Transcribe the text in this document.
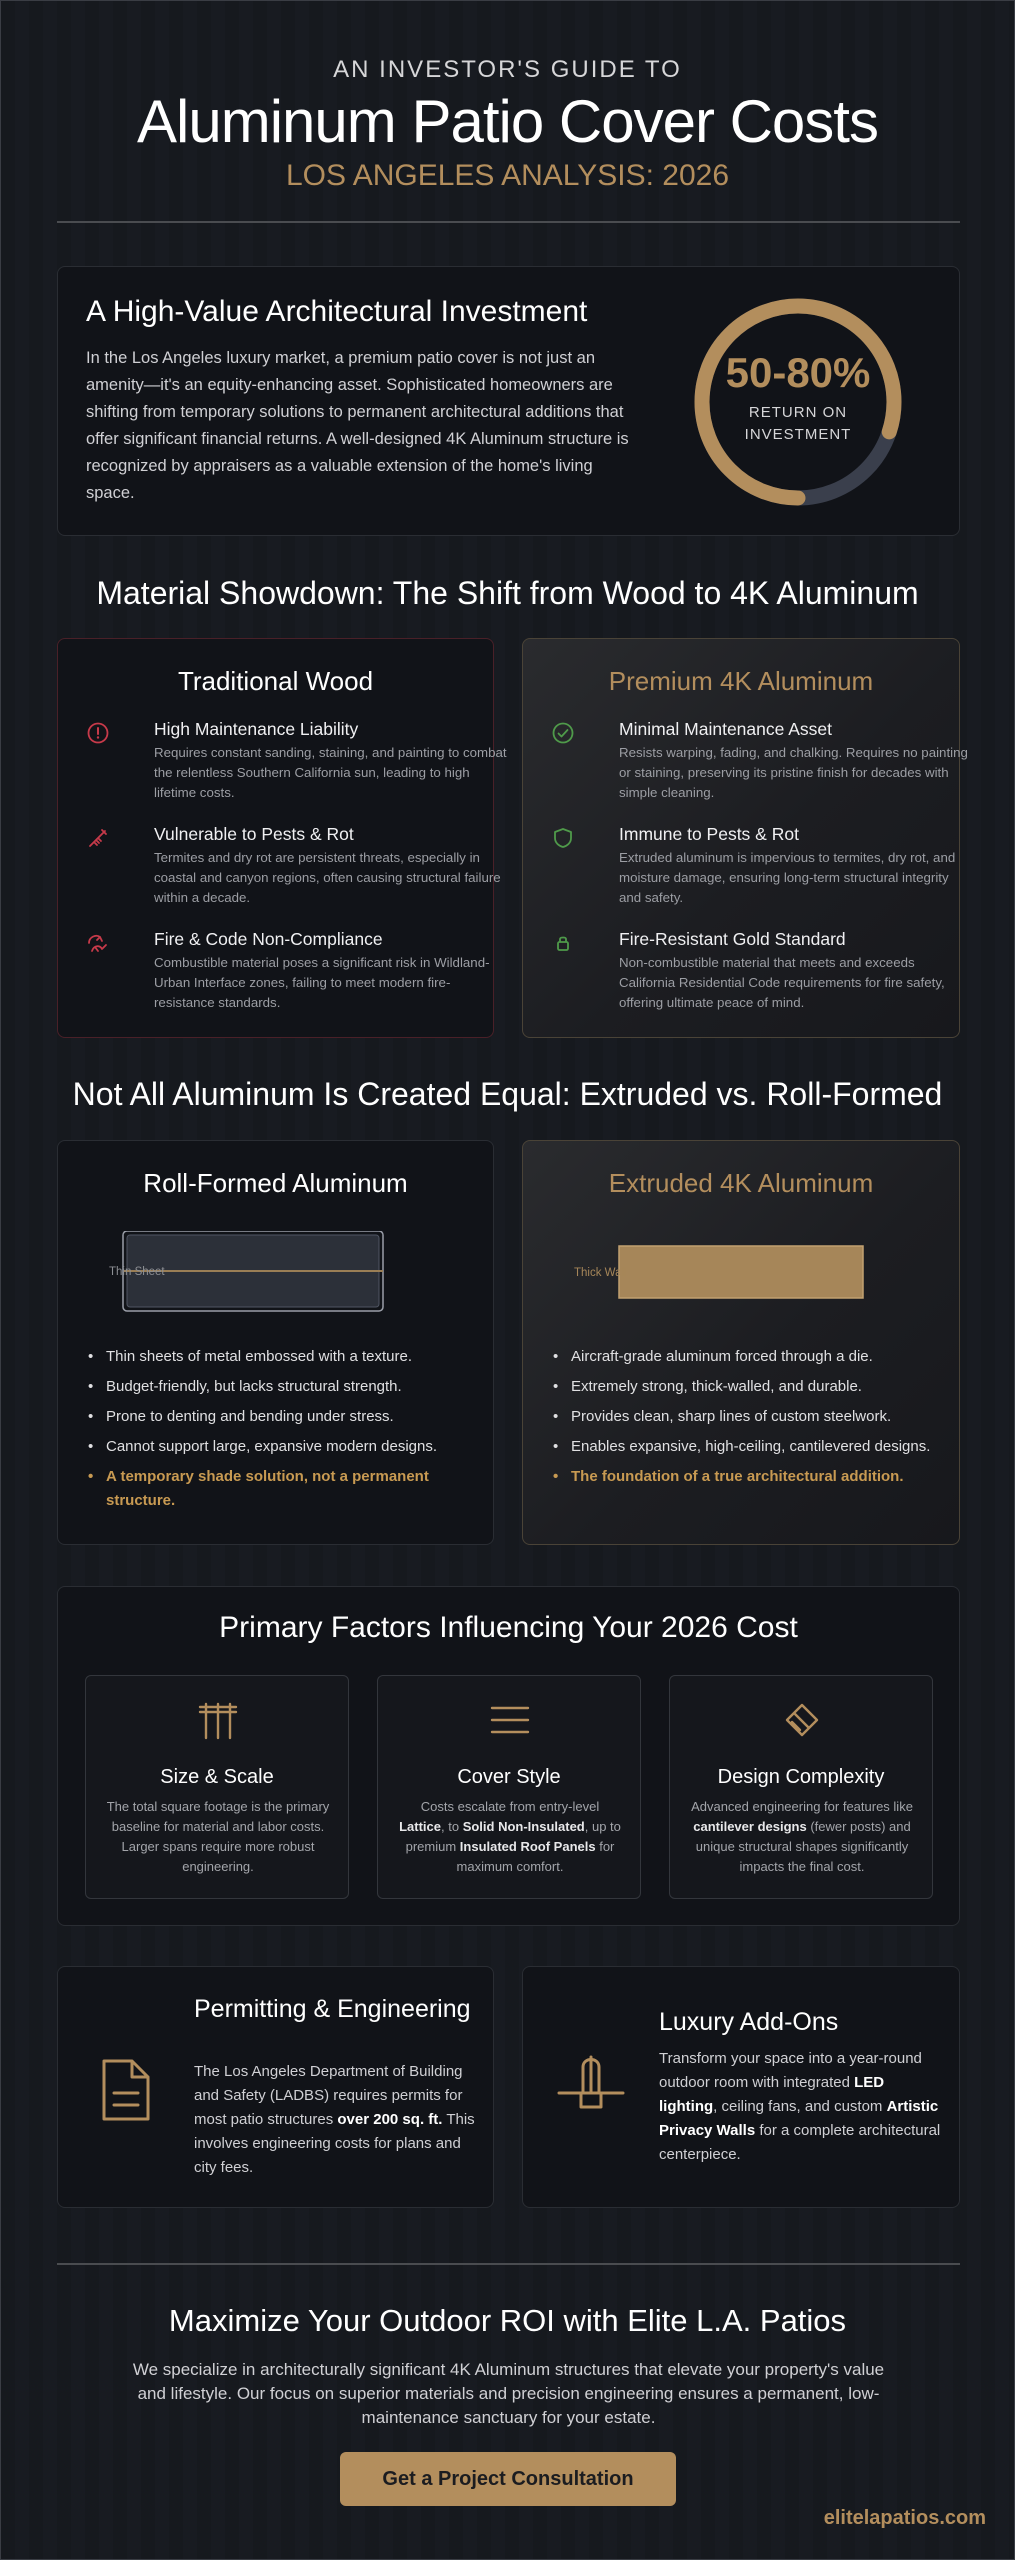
AN INVESTOR'S GUIDE TO
Aluminum Patio Cover Costs
LOS ANGELES ANALYSIS: 2026
A High-Value Architectural Investment
In the Los Angeles luxury market, a premium patio cover is not just an amenity—it's an equity-enhancing asset. Sophisticated homeowners are shifting from temporary solutions to permanent architectural additions that offer significant financial returns. A well-designed 4K Aluminum structure is recognized by appraisers as a valuable extension of the home's living space.
50-80%
RETURN ON
INVESTMENT
Material Showdown: The Shift from Wood to 4K Aluminum
Traditional Wood
High Maintenance Liability
Requires constant sanding, staining, and painting to combat the relentless Southern California sun, leading to high lifetime costs.
Vulnerable to Pests & Rot
Termites and dry rot are persistent threats, especially in coastal and canyon regions, often causing structural failure within a decade.
Fire & Code Non-Compliance
Combustible material poses a significant risk in Wildland-Urban Interface zones, failing to meet modern fire-resistance standards.
Premium 4K Aluminum
Minimal Maintenance Asset
Resists warping, fading, and chalking. Requires no painting or staining, preserving its pristine finish for decades with simple cleaning.
Immune to Pests & Rot
Extruded aluminum is impervious to termites, dry rot, and moisture damage, ensuring long-term structural integrity and safety.
Fire-Resistant Gold Standard
Non-combustible material that meets and exceeds California Residential Code requirements for fire safety, offering ultimate peace of mind.
Not All Aluminum Is Created Equal: Extruded vs. Roll-Formed
Roll-Formed Aluminum
Thin Sheet
• Thin sheets of metal embossed with a texture.
• Budget-friendly, but lacks structural strength.
• Prone to denting and bending under stress.
• Cannot support large, expansive modern designs.
• A temporary shade solution, not a permanent structure.
Extruded 4K Aluminum
Thick Wall
• Aircraft-grade aluminum forced through a die.
• Extremely strong, thick-walled, and durable.
• Provides clean, sharp lines of custom steelwork.
• Enables expansive, high-ceiling, cantilevered designs.
• The foundation of a true architectural addition.
Primary Factors Influencing Your 2026 Cost
Size & Scale
The total square footage is the primary baseline for material and labor costs. Larger spans require more robust engineering.
Cover Style
Costs escalate from entry-level Lattice, to Solid Non-Insulated, up to premium Insulated Roof Panels for maximum comfort.
Design Complexity
Advanced engineering for features like cantilever designs (fewer posts) and unique structural shapes significantly impacts the final cost.
Permitting & Engineering
The Los Angeles Department of Building and Safety (LADBS) requires permits for most patio structures over 200 sq. ft. This involves engineering costs for plans and city fees.
Luxury Add-Ons
Transform your space into a year-round outdoor room with integrated LED lighting, ceiling fans, and custom Artistic Privacy Walls for a complete architectural centerpiece.
Maximize Your Outdoor ROI with Elite L.A. Patios
We specialize in architecturally significant 4K Aluminum structures that elevate your property's value and lifestyle. Our focus on superior materials and precision engineering ensures a permanent, low-maintenance sanctuary for your estate.
Get a Project Consultation
elitelapatios.com
